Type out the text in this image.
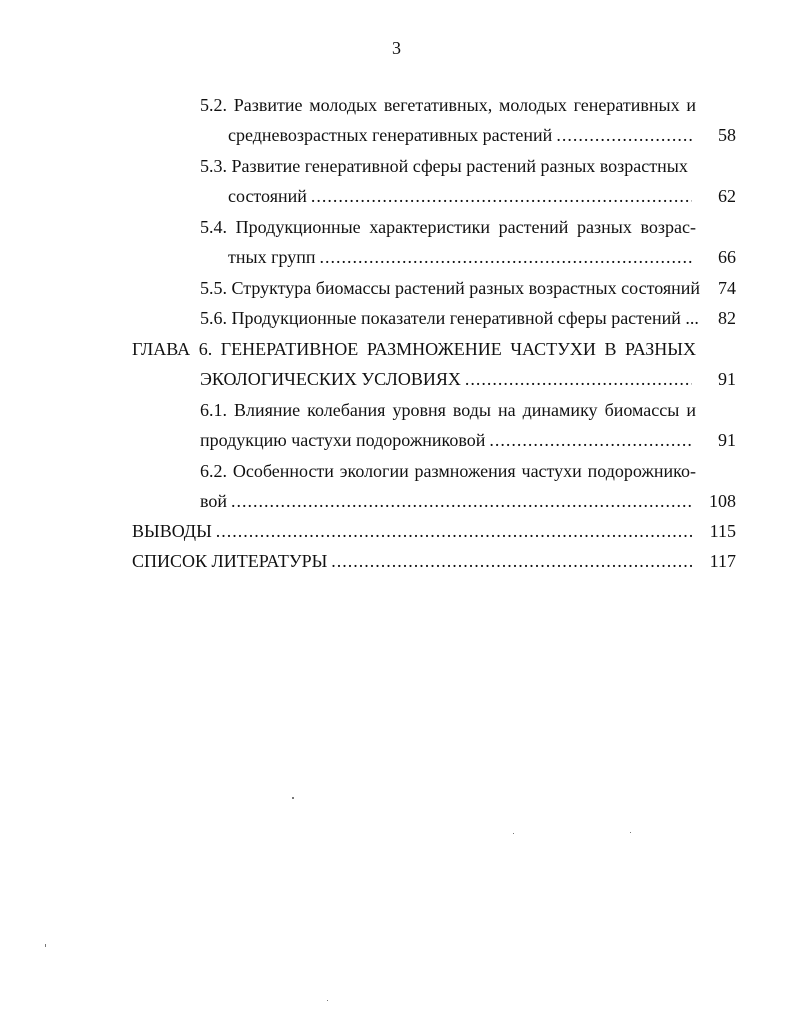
3
5.2. Развитие молодых вегетативных, молодых генеративных и
средневозрастных генеративных растений .....	58
5.3. Развитие генеративной сферы растений разных возрастных
состояний .....	62
5.4. Продукционные характеристики растений разных возрас-
тных групп .....	66
5.5. Структура биомассы растений разных возрастных состояний 74
5.6. Продукционные показатели генеративной сферы растений ...	82
ГЛАВА 6. ГЕНЕРАТИВНОЕ РАЗМНОЖЕНИЕ ЧАСТУХИ В РАЗНЫХ
ЭКОЛОГИЧЕСКИХ УСЛОВИЯХ .....	91
6.1. Влияние колебания уровня воды на динамику биомассы и
продукцию частухи подорожниковой .....	91
6.2. Особенности экологии размножения частухи подорожнико-
вой .....	108
ВЫВОДЫ .....	115
СПИСОК ЛИТЕРАТУРЫ .....	117
